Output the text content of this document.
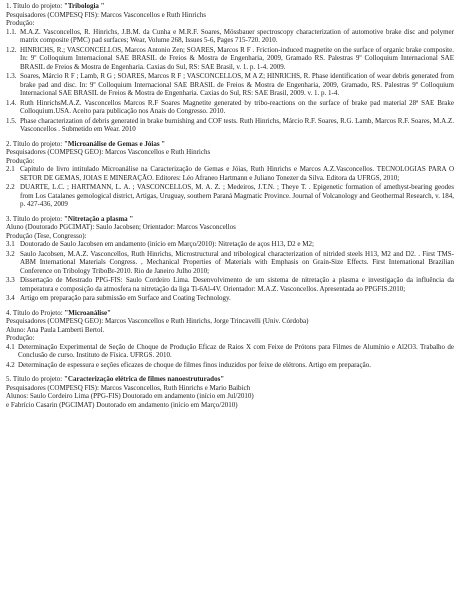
1. Título do projeto: "Tribologia "
Pesquisadores (COMPESQ FIS): Marcos Vasconcellos e Ruth Hinrichs
Produção:
1.1. M.A.Z. Vasconcellos, R. Hinrichs, J.B.M. da Cunha e M.R.F. Soares, Mössbauer spectroscopy characterization of automotive brake disc and polymer matrix composite (PMC) pad surfaces; Wear, Volume 268, Issues 5-6, Pages 715-720. 2010.
1.2. HINRICHS, R.; VASCONCELLOS, Marcos Antonio Zen; SOARES, Marcos R F . Friction-induced magnetite on the surface of organic brake composite. In: 9º Colloquium Internacional SAE BRASIL de Freios & Mostra de Engenharia, 2009, Gramado RS. Palestras 9º Colloquium Internacional SAE BRASIL de Freios & Mostra de Engenharia. Caxias do Sul, RS: SAE Brasil, v. 1. p. 1-4. 2009.
1.3. Soares, Márcio R F ; Lamb, R G ; SOARES, Marcos R F ; VASCONCELLOS, M A Z; HINRICHS, R. Phase identification of wear debris generated from brake pad and disc. In: 9º Colloquium Internacional SAE BRASIL de Freios & Mostra de Engenharia, 2009, Gramado, RS. Palestras 9º Colloquium Internacional SAE BRASIL de Freios & Mostra de Engenharia. Caxias do Sul, RS: SAE Brasil, 2009. v. 1. p. 1-4.
1.4. Ruth HinrichsM.A.Z. Vasconcellos Marcos R.F Soares Magnetite generated by tribo-reactions on the surface of brake pad material 28ª SAE Brake Colloquium.USA. Aceito para publicação nos Anais do Congresso. 2010.
1.5. Phase characterization of debris generated in brake burnishing and COF tests. Ruth Hinrichs, Márcio R.F. Soares, R.G. Lamb, Marcos R.F. Soares, M.A.Z. Vasconcellos . Submetido em Wear. 2010
2. Título do projeto: "Microanálise de Gemas e Jóias "
Pesquisadores (COMPESQ GEO): Marcos Vasconcellos e Ruth Hinrichs
Produção:
2.1 Capitulo de livro intitulado Microanálise na Caracterização de Gemas e Jóias, Ruth Hinrichs e Marcos A.Z.Vasconcellos. TECNOLOGIAS PARA O SETOR DE GEMAS, JOIAS E MINERAÇÃO. Editores: Léo Afraneo Hartmann e Juliano Tonezer da Silva. Editora da UFRGS, 2010;
2.2 DUARTE, L.C. ; HARTMANN, L. A. ; VASCONCELLOS, M. A. Z. ; Medeiros, J.T.N. ; Theye T. . Epigenetic formation of amethyst-bearing geodes from Los Catalanes gemological district, Artigas, Uruguay, southern Paraná Magmatic Province. Journal of Volcanology and Geothermal Research, v. 184, p. 427-436, 2009
3. Título do projeto: "Nitretação a plasma "
Aluno (Doutorado PGCIMAT): Saulo Jacobsen; Orientador: Marcos Vasconcellos
Produção (Tese, Congresso):
3.1 Doutorado de Saulo Jacobsen em andamento (início em Março/2010): Nitretação de aços H13, D2 e M2;
3.2 Saulo Jacobsen, M.A.Z. Vasconcellos, Ruth Hinrichs, Microstructural and tribological characterization of nitrided steels H13, M2 and D2. . First TMS-ABM International Materials Congress. , Mechanical Properties of Materials with Emphasis on Grain-Size Effects. First International Brazilian Conference on Tribology TriboBr-2010. Rio de Janeiro Julho 2010;
3.3 Dissertação de Mestrado PPG-FIS: Saulo Cordeiro Lima. Desenvolvimento de um sistema de nitretação a plasma e investigação da influência da temperatura e composição da atmosfera na nitretação da liga Ti-6Al-4V. Orientador: M.A.Z. Vasconcellos. Apresentada ao PPGFIS.2010;
3.4 Artigo em preparação para submissão em Surface and Coating Technology.
4. Título do Projeto: "Microanálise"
Pesquisadores (COMPESQ GEO): Marcos Vasconcellos e Ruth Hinrichs, Jorge Trincavelli (Univ. Córdoba)
Aluno: Ana Paula Lamberti Bertol.
Produção:
4.1 Determinação Experimental de Seção de Choque de Produção Eficaz de Raios X com Feixe de Prótons para Filmes de Alumínio e Al2O3. Trabalho de Conclusão de curso. Instituto de Física. UFRGS. 2010.
4.2 Determinação de espessura e seções eficazes de choque de filmes finos induzidos por feixe de elétrons. Artigo em preparação.
5. Título do projeto: "Caracterização elétrica de filmes nanoestruturados"
Pesquisadores (COMPESQ FIS): Marcos Vasconcellos, Ruth Hinrichs e Mario Baibich
Alunos: Saulo Cordeiro Lima (PPG-FIS) Doutorado em andamento (início em Jul/2010)
e Fabrício Casarin (PGCIMAT) Doutorado em andamento (início em Março/2010)
